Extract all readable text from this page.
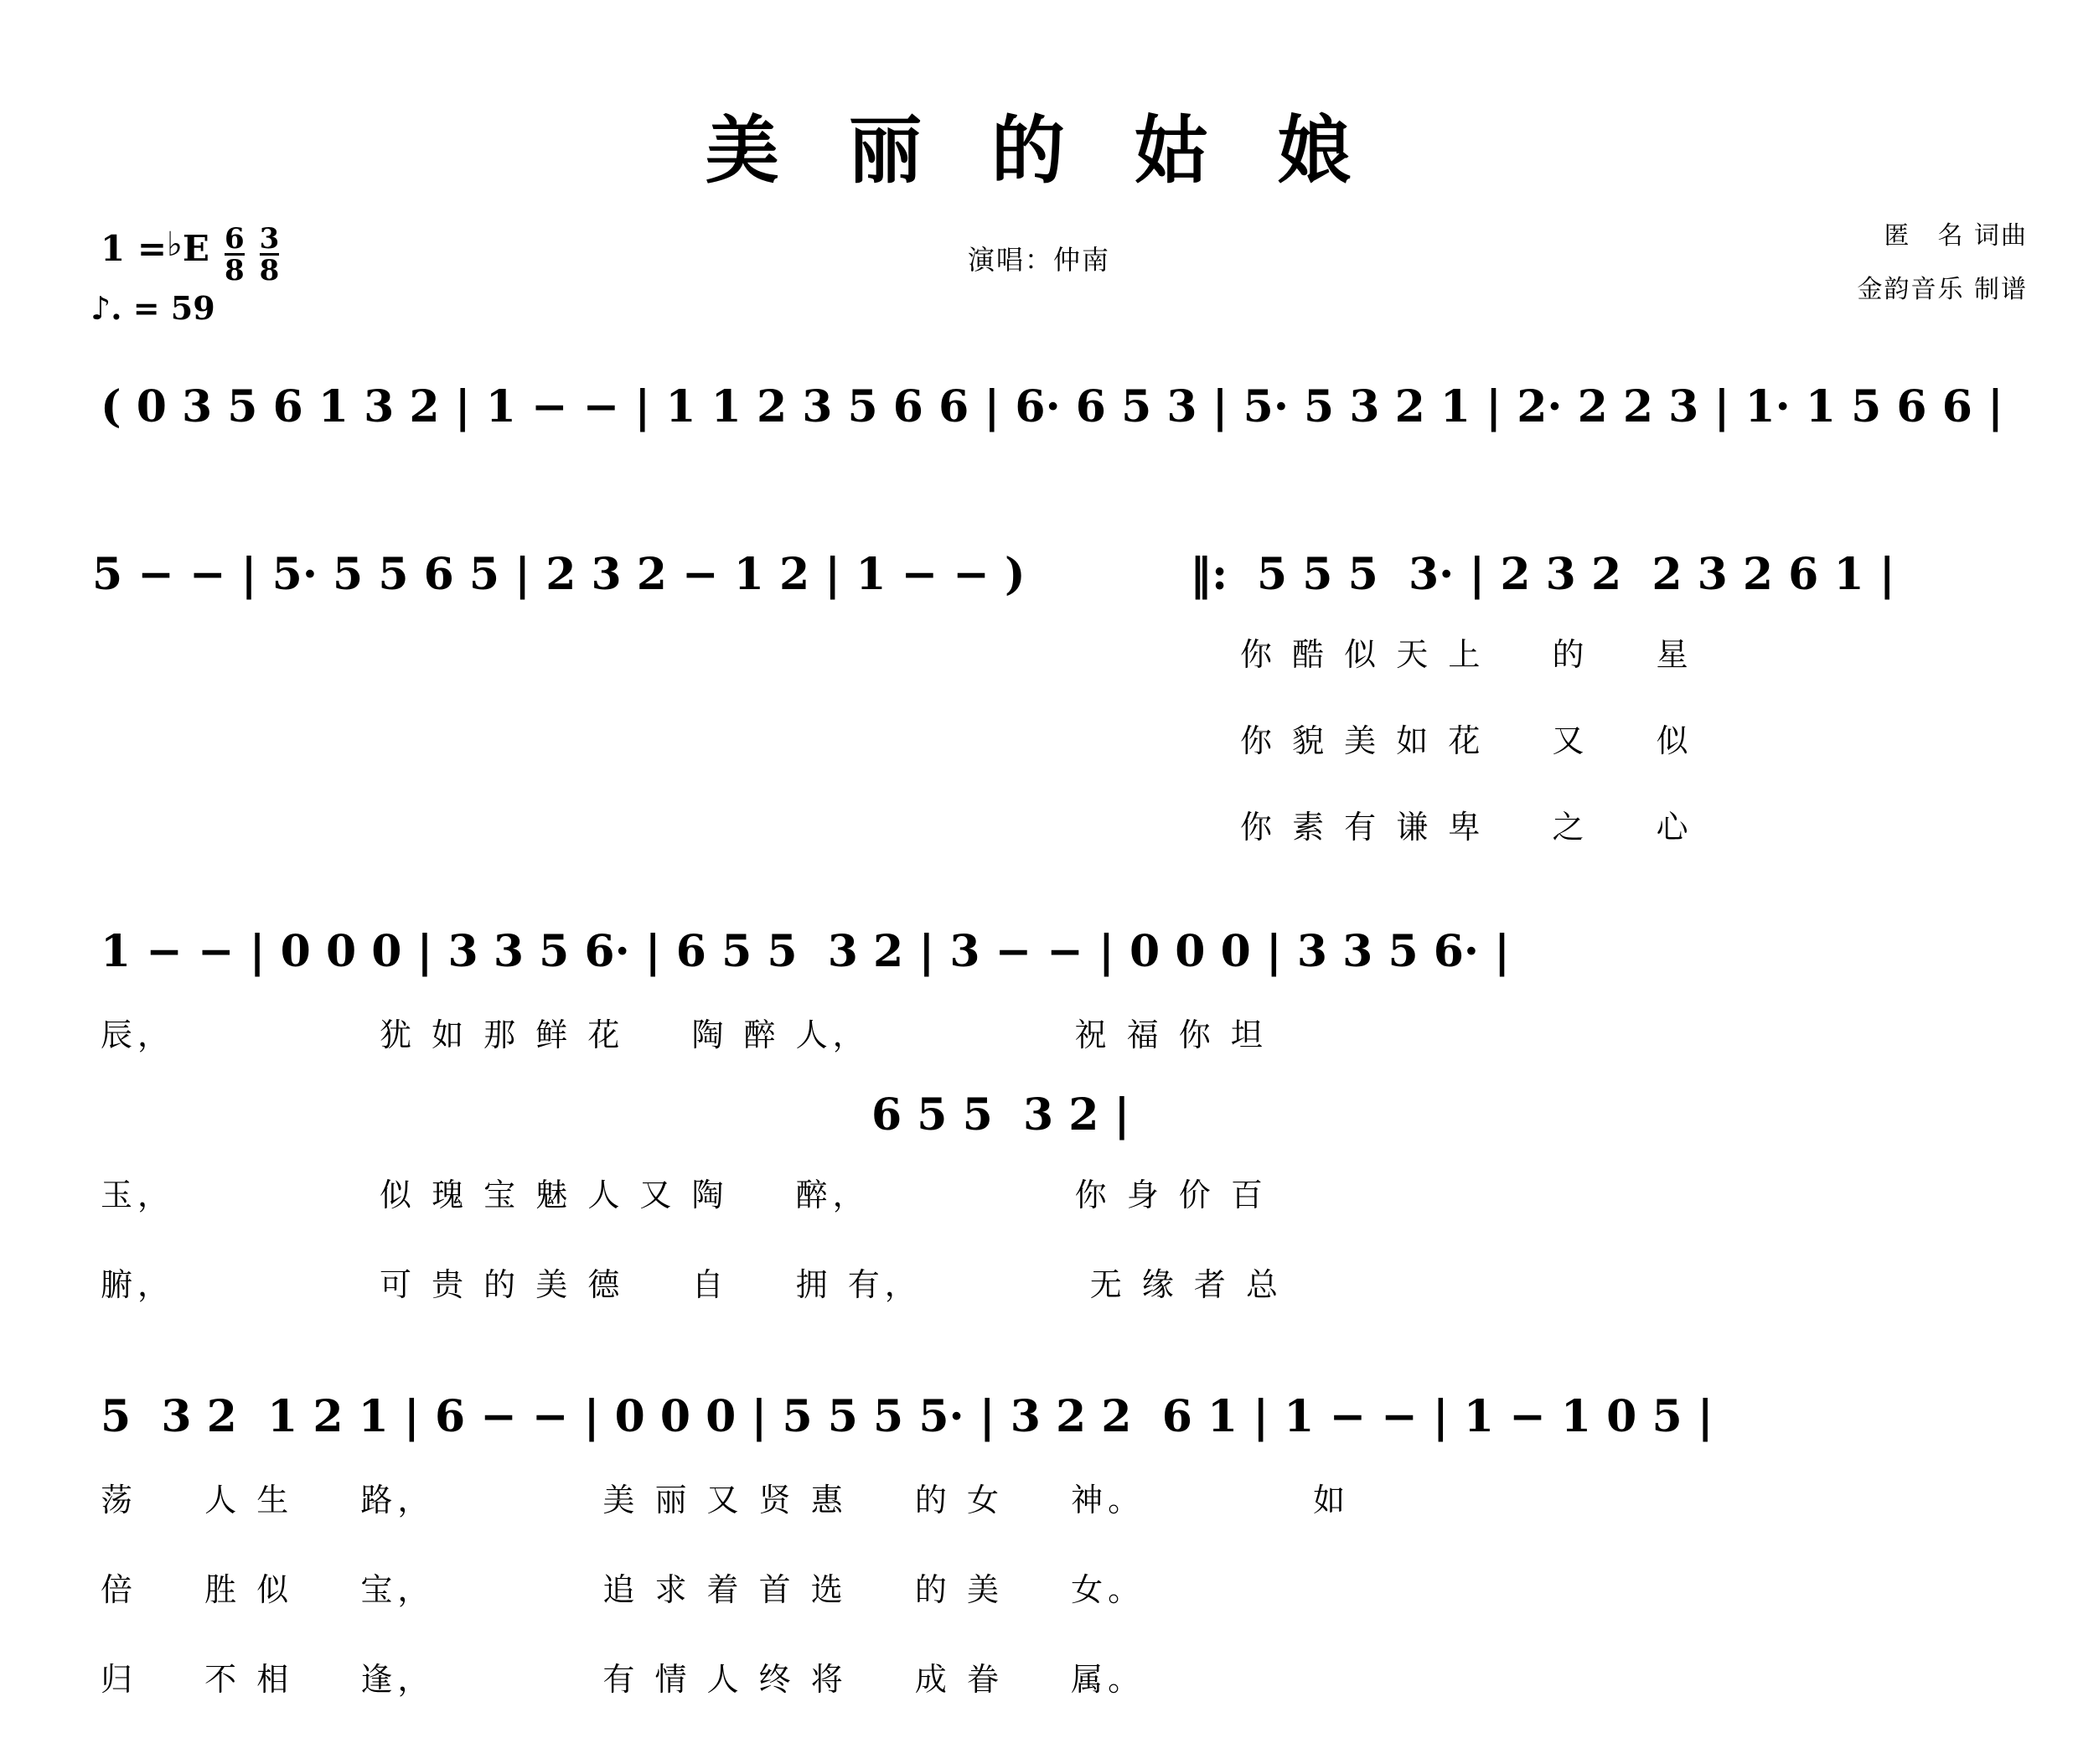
美 丽 的 姑 娘
演唱：仲南
匿　名 词曲
金韵音乐 制谱
1 = ♭ E $\frac{6}{8} \frac{3}{8}$
♪. = 59
( 0 3 5 6 1 3 2 | 1 − − | 1 1 2 3 5 6 6 | 6· 6 5 3 | 5· 5 3 2 1 | 2· 2 2 3 | 1· 1 5 6 6 |
5 − − | 5· 5 5 6 5 | 2 3 2 − 1 2 | 1 − − )	‖: 5 5 5  3· | 2 3 2  2 3 2 6 1 |
你 酷 似 天 上 　 的 　 星
你 貌 美 如 花 　 又 　 似
你 素 有 谦 卑 　 之 　 心
1 − − | 0 0 0 | 3 3 5 6· | 6 5 5  3 2 | 3 − − | 0 0 0 | 3 3 5 6· |
辰，　　　　　　犹 如 那 鲜 花 　 陶 醉 人，　　　　　　祝 福 你 坦
6 5 5  3 2 |
玉，　　　　　　似 瑰 宝 魅 人 又 陶 　 醉，　　　　　　你 身 价 百
腑，　　　　　　可 贵 的 美 德 　 自 　 拥 有，　　　　　无 缘 者 总
5  3 2  1 2 1 | 6 − − | 0 0 0 | 5 5 5 5· | 3 2 2  6 1 | 1 − − | 1 − 1 0 5 |
荡 　 人 生 　 路，　　　　　美 丽 又 贤 惠 　 的 女 　 神。　　　　　如
倍 　 胜 似 　 宝，　　　　　追 求 着 首 选 　 的 美 　 女。
归 　 不 相 　 逢，　　　　　有 情 人 终 将 　 成 眷 　 属。
